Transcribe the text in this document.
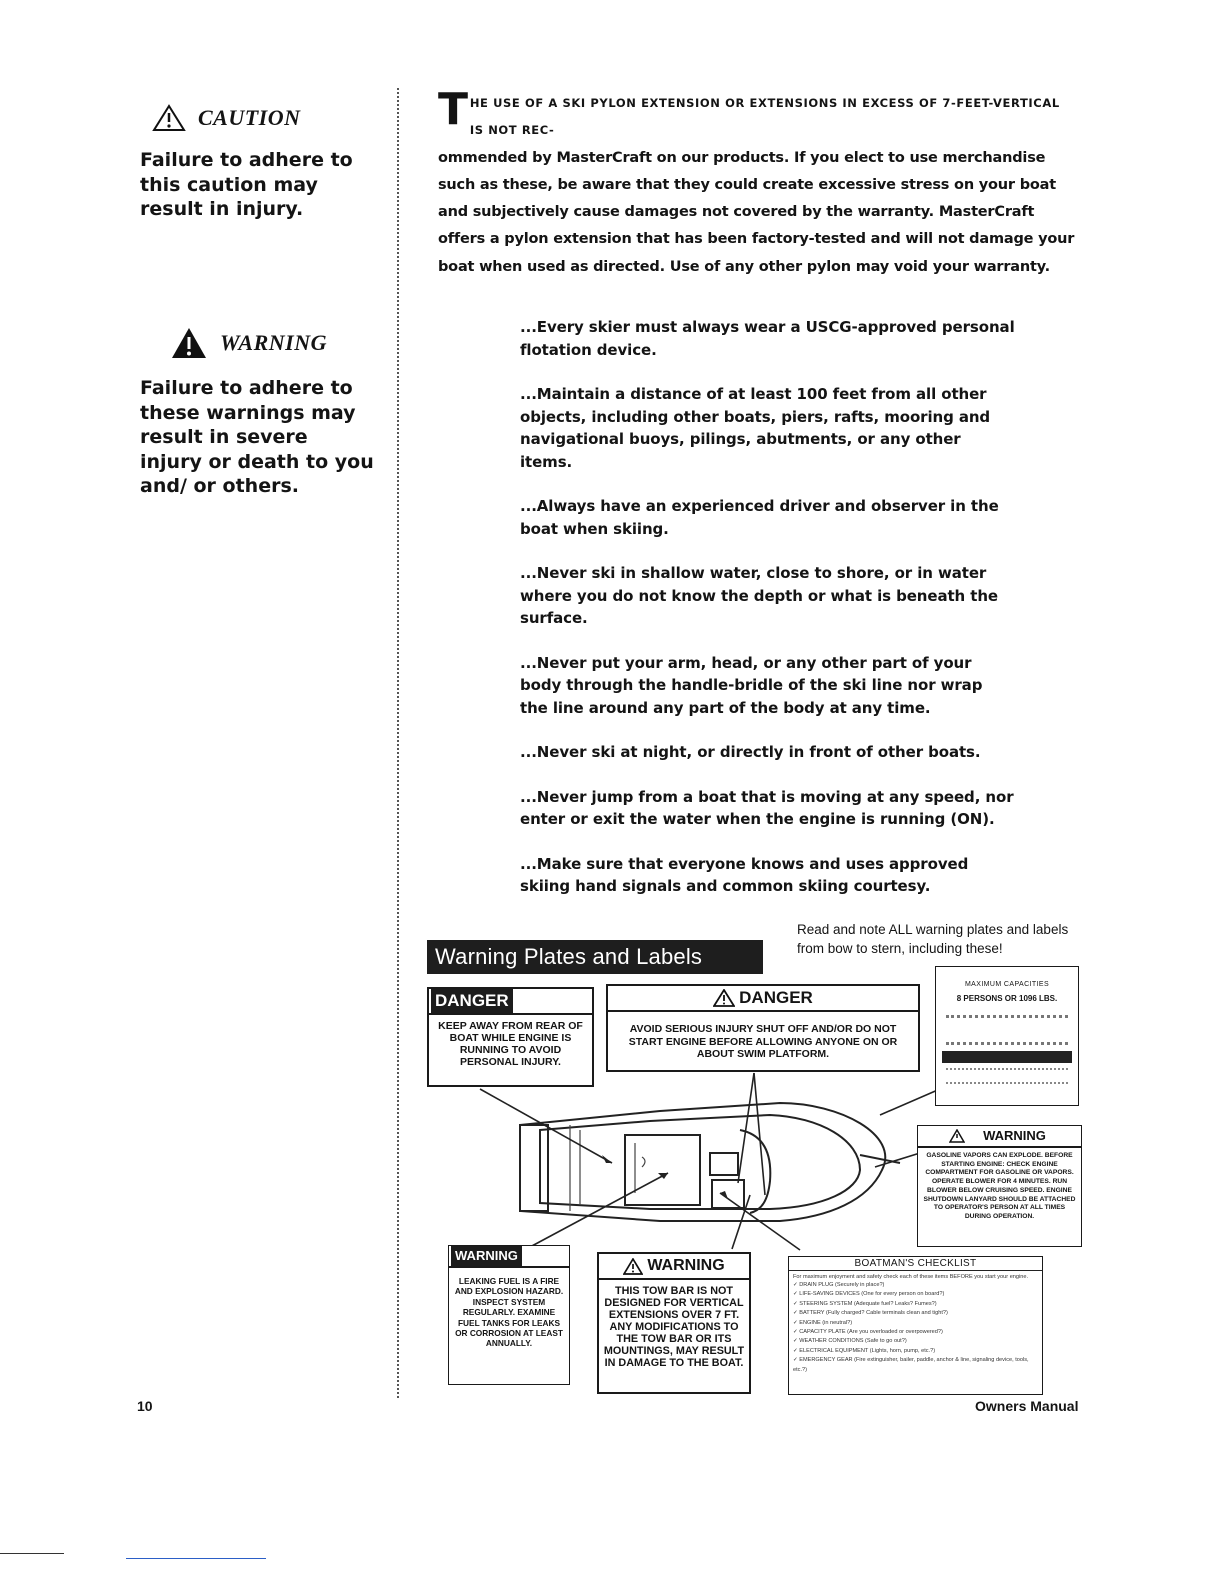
CAUTION
Failure to adhere to this caution may result in injury.
WARNING
Failure to adhere to these warnings may result in severe injury or death to you and/ or others.
THE USE OF A SKI PYLON EXTENSION OR EXTENSIONS IN EXCESS OF 7-FEET-VERTICAL IS NOT REC-
ommended by MasterCraft on our products. If you elect to use merchandise such as these, be aware that they could create excessive stress on your boat and subjectively cause damages not covered by the warranty. MasterCraft offers a pylon extension that has been factory-tested and will not damage your boat when used as directed. Use of any other pylon may void your warranty.

...Every skier must always wear a USCG-approved personal flotation device.

...Maintain a distance of at least 100 feet from all other objects, including other boats, piers, rafts, mooring and navigational buoys, pilings, abutments, or any other items.

...Always have an experienced driver and observer in the boat when skiing.

...Never ski in shallow water, close to shore, or in water where you do not know the depth or what is beneath the surface.

...Never put your arm, head, or any other part of your body through the handle-bridle of the ski line nor wrap the line around any part of the body at any time.

...Never ski at night, or directly in front of other boats.

...Never jump from a boat that is moving at any speed, nor enter or exit the water when the engine is running (ON).

...Make sure that everyone knows and uses approved skiing hand signals and common skiing courtesy.

Warning Plates and Labels
Read and note ALL warning plates and labels from bow to stern, including these!
DANGER
KEEP AWAY FROM REAR OF BOAT WHILE ENGINE IS RUNNING TO AVOID PERSONAL INJURY.
DANGER
AVOID SERIOUS INJURY SHUT OFF AND/OR DO NOT START ENGINE BEFORE ALLOWING ANYONE ON OR ABOUT SWIM PLATFORM.
MAXIMUM CAPACITIES
8 PERSONS OR 1096 LBS.
WARNING
GASOLINE VAPORS CAN EXPLODE. BEFORE STARTING ENGINE: CHECK ENGINE COMPARTMENT FOR GASOLINE OR VAPORS. OPERATE BLOWER FOR 4 MINUTES. RUN BLOWER BELOW CRUISING SPEED. ENGINE SHUTDOWN LANYARD SHOULD BE ATTACHED TO OPERATOR'S PERSON AT ALL TIMES DURING OPERATION.
WARNING
LEAKING FUEL IS A FIRE AND EXPLOSION HAZARD. INSPECT SYSTEM REGULARLY. EXAMINE FUEL TANKS FOR LEAKS OR CORROSION AT LEAST ANNUALLY.
WARNING
THIS TOW BAR IS NOT DESIGNED FOR VERTICAL EXTENSIONS OVER 7 FT. ANY MODIFICATIONS TO THE TOW BAR OR ITS MOUNTINGS, MAY RESULT IN DAMAGE TO THE BOAT.
BOATMAN'S CHECKLIST
For maximum enjoyment and safety check each of these items BEFORE you start your engine.
✓ DRAIN PLUG (Securely in place?)
✓ LIFE-SAVING DEVICES (One for every person on board?)
✓ STEERING SYSTEM (Adequate fuel? Leaks? Fumes?)
✓ BATTERY (Fully charged? Cable terminals clean and tight?)
✓ ENGINE (in neutral?)
✓ CAPACITY PLATE (Are you overloaded or overpowered?)
✓ WEATHER CONDITIONS (Safe to go out?)
✓ ELECTRICAL EQUIPMENT (Lights, horn, pump, etc.?)
✓ EMERGENCY GEAR (Fire extinguisher, bailer, paddle, anchor & line, signaling device, tools, etc.?)
10	Owners Manual
